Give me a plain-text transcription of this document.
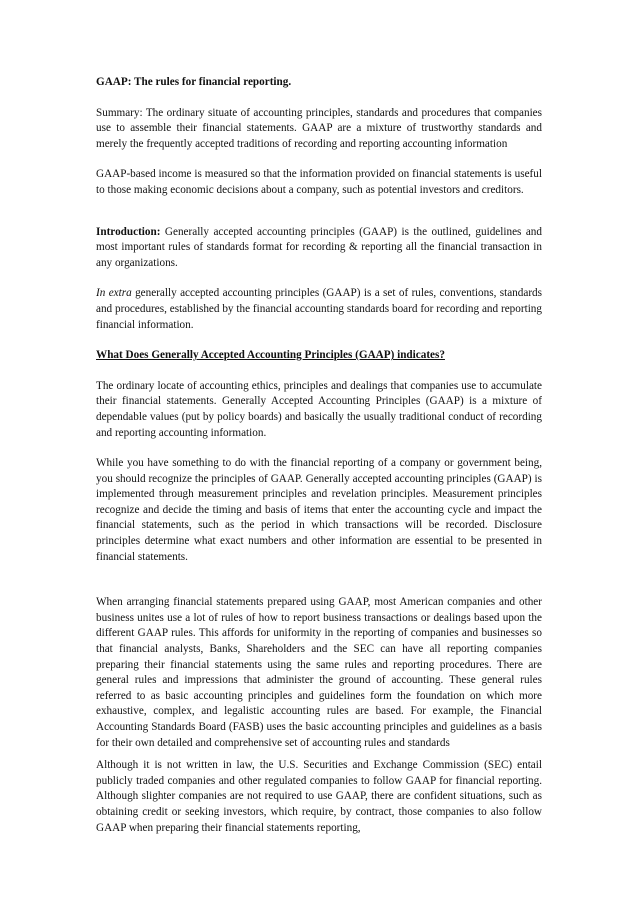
GAAP: The rules for financial reporting.

Summary: The ordinary situate of accounting principles, standards and procedures that companies use to assemble their financial statements. GAAP are a mixture of trustworthy standards and merely the frequently accepted traditions of recording and reporting accounting information

GAAP-based income is measured so that the information provided on financial statements is useful to those making economic decisions about a company, such as potential investors and creditors.

Introduction: Generally accepted accounting principles (GAAP) is the outlined, guidelines and most important rules of standards format for recording & reporting all the financial transaction in any organizations.

In extra generally accepted accounting principles (GAAP) is a set of rules, conventions, standards and procedures, established by the financial accounting standards board for recording and reporting financial information.

What Does Generally Accepted Accounting Principles (GAAP) indicates?

The ordinary locate of accounting ethics, principles and dealings that companies use to accumulate their financial statements. Generally Accepted Accounting Principles (GAAP) is a mixture of dependable values (put by policy boards) and basically the usually traditional conduct of recording and reporting accounting information.

While you have something to do with the financial reporting of a company or government being, you should recognize the principles of GAAP. Generally accepted accounting principles (GAAP) is implemented through measurement principles and revelation principles. Measurement principles recognize and decide the timing and basis of items that enter the accounting cycle and impact the financial statements, such as the period in which transactions will be recorded. Disclosure principles determine what exact numbers and other information are essential to be presented in financial statements.

When arranging financial statements prepared using GAAP, most American companies and other business unites use a lot of rules of how to report business transactions or dealings based upon the different GAAP rules. This affords for uniformity in the reporting of companies and businesses so that financial analysts, Banks, Shareholders and the SEC can have all reporting companies preparing their financial statements using the same rules and reporting procedures. There are general rules and impressions that administer the ground of accounting. These general rules referred to as basic accounting principles and guidelines form the foundation on which more exhaustive, complex, and legalistic accounting rules are based. For example, the Financial Accounting Standards Board (FASB) uses the basic accounting principles and guidelines as a basis for their own detailed and comprehensive set of accounting rules and standards

Although it is not written in law, the U.S. Securities and Exchange Commission (SEC) entail publicly traded companies and other regulated companies to follow GAAP for financial reporting. Although slighter companies are not required to use GAAP, there are confident situations, such as obtaining credit or seeking investors, which require, by contract, those companies to also follow GAAP when preparing their financial statements reporting,
